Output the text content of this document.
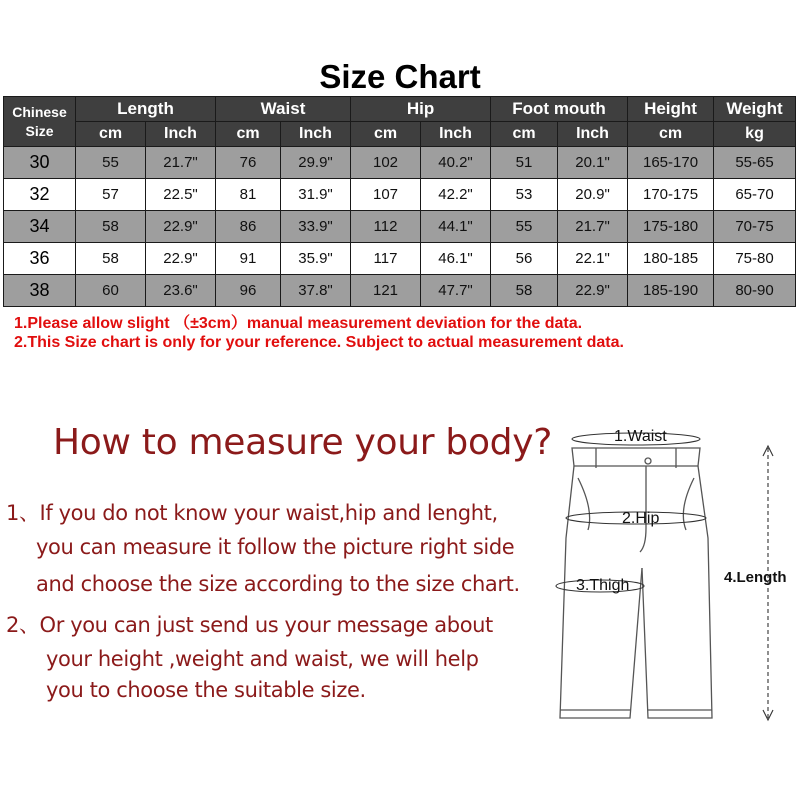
Size Chart
Chinese
Size	Length		Waist		Hip		Foot mouth		Height	Weight
	cm	Inch	cm	Inch	cm	Inch	cm	Inch	cm	kg
30	55	21.7"	76	29.9"	102	40.2"	51	20.1"	165-170	55-65
32	57	22.5"	81	31.9"	107	42.2"	53	20.9"	170-175	65-70
34	58	22.9"	86	33.9"	112	44.1"	55	21.7"	175-180	70-75
36	58	22.9"	91	35.9"	117	46.1"	56	22.1"	180-185	75-80
38	60	23.6"	96	37.8"	121	47.7"	58	22.9"	185-190	80-90
1.Please allow slight （±3cm）manual measurement deviation for the data.
2.This Size chart is only for your reference. Subject to actual measurement data.
How to measure your body?
1、If you do not know your waist,hip and lenght,
you can measure it follow the picture right side
and choose the size according to the size chart.
2、Or you can just send us your message about
your height ,weight and waist, we will help
you to choose the suitable size.
1.Waist
2.Hip
3.Thigh	4.Length
